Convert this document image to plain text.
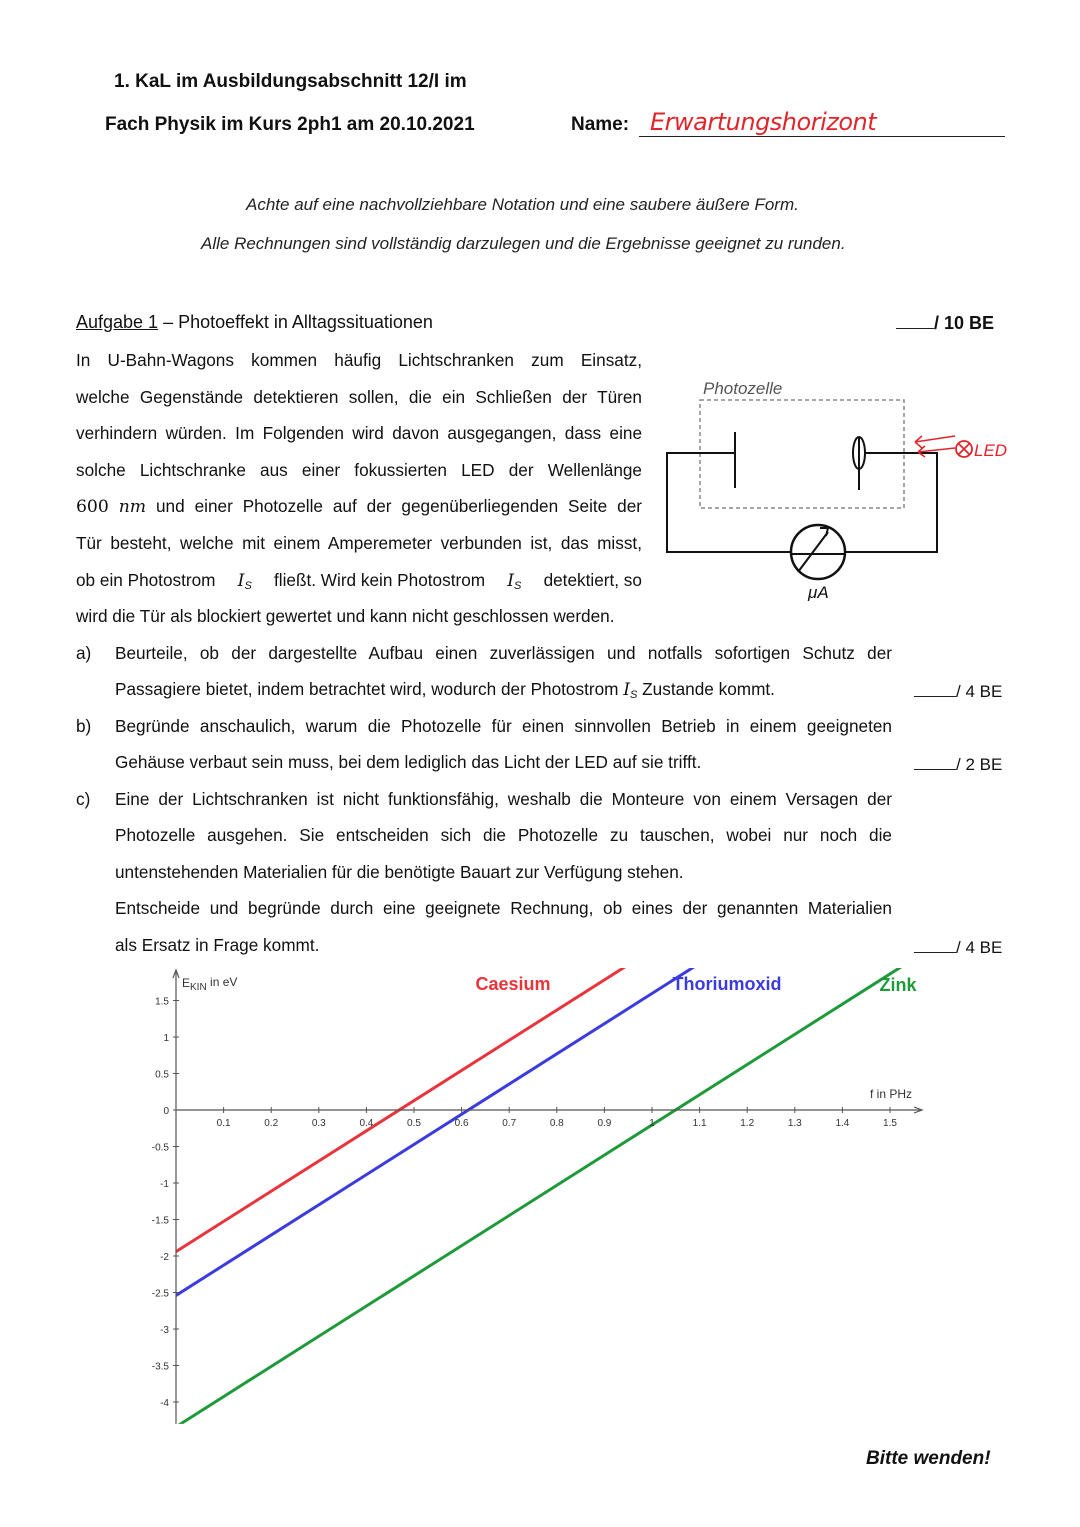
1. KaL im Ausbildungsabschnitt 12/I im
Fach Physik im Kurs 2ph1 am 20.10.2021	Name: Erwartungshorizont
Achte auf eine nachvollziehbare Notation und eine saubere äußere Form.
Alle Rechnungen sind vollständig darzulegen und die Ergebnisse geeignet zu runden.
Aufgabe 1 – Photoeffekt in Alltagssituationen	/ 10 BE
In U-Bahn-Wagons kommen häufig Lichtschranken zum Einsatz,
welche Gegenstände detektieren sollen, die ein Schließen der Türen
verhindern würden. Im Folgenden wird davon ausgegangen, dass eine
solche Lichtschranke aus einer fokussierten LED der Wellenlänge
600 nm und einer Photozelle auf der gegenüberliegenden Seite der
Tür besteht, welche mit einem Amperemeter verbunden ist, das misst,
ob ein Photostrom $I_S$ fließt. Wird kein Photostrom $I_S$ detektiert, so
wird die Tür als blockiert gewertet und kann nicht geschlossen werden.
μA
Photozelle
LED
a) Beurteile, ob der dargestellte Aufbau einen zuverlässigen und notfalls sofortigen Schutz der
Passagiere bietet, indem betrachtet wird, wodurch der Photostrom $I_S$ Zustande kommt.	/ 4 BE
b) Begründe anschaulich, warum die Photozelle für einen sinnvollen Betrieb in einem geeigneten
Gehäuse verbaut sein muss, bei dem lediglich das Licht der LED auf sie trifft.	/ 2 BE
c) Eine der Lichtschranken ist nicht funktionsfähig, weshalb die Monteure von einem Versagen der
Photozelle ausgehen. Sie entscheiden sich die Photozelle zu tauschen, wobei nur noch die
untenstehenden Materialien für die benötigte Bauart zur Verfügung stehen.
Entscheide und begründe durch eine geeignete Rechnung, ob eines der genannten Materialien
als Ersatz in Frage kommt.	/ 4 BE
0.1	0.2	0.3	0.4	0.5	0.6	0.7	0.8	0.9	1	1.1	1.2	1.3	1.4	1.5
1.5
1
0.5
0
-0.5
-1
-1.5
-2
-2.5
-3
-3.5
-4
$E_{KIN}$ in eV
f in PHz
Caesium	Thoriumoxid	Zink
Bitte wenden!
